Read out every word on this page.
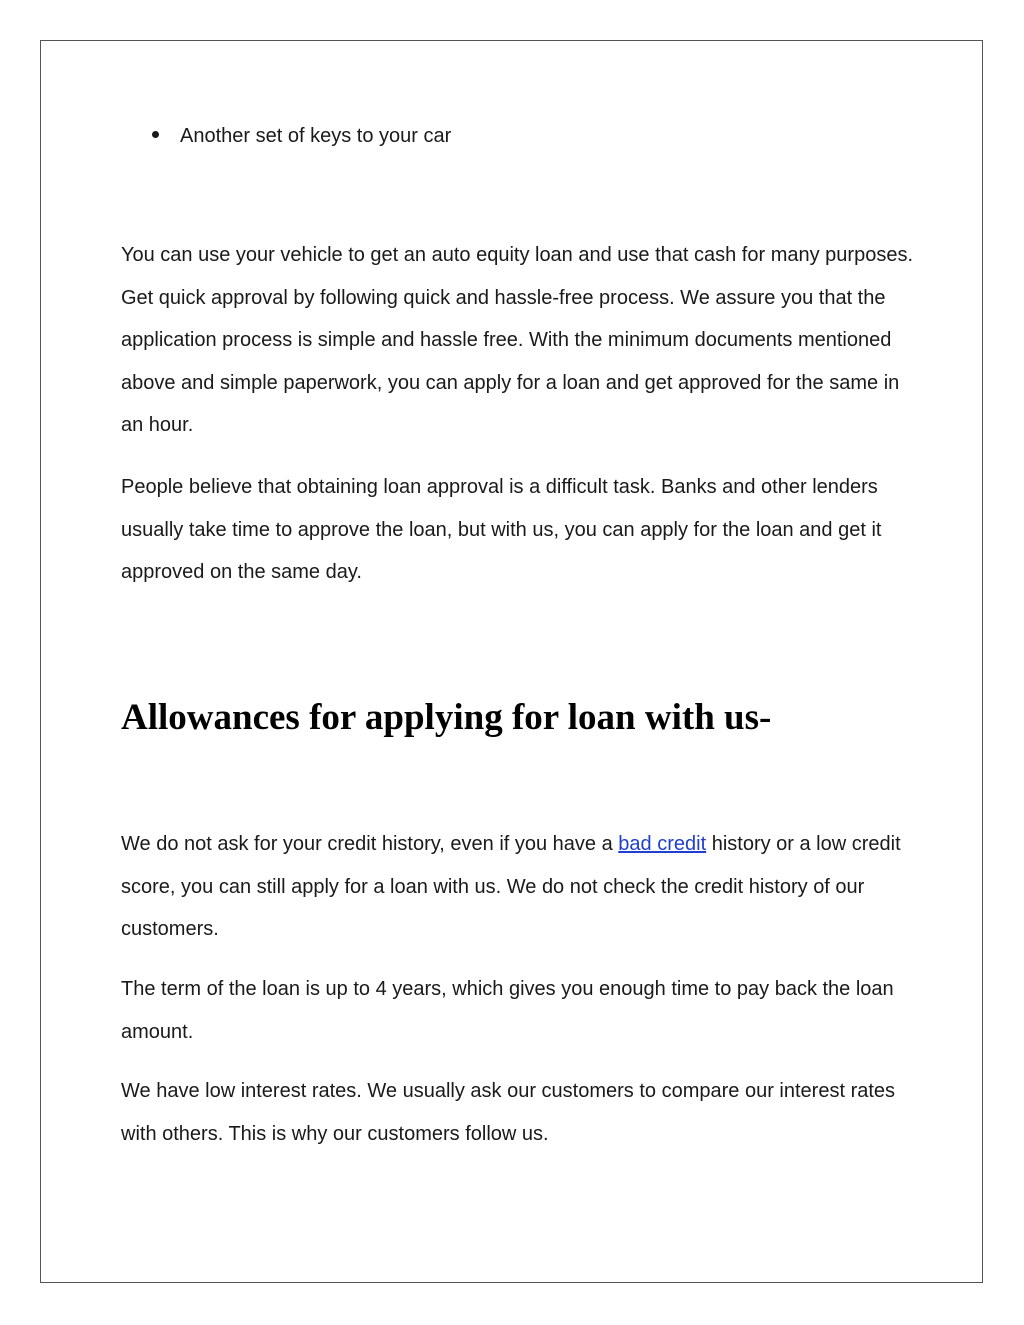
Another set of keys to your car

You can use your vehicle to get an auto equity loan and use that cash for many purposes. Get quick approval by following quick and hassle-free process. We assure you that the application process is simple and hassle free. With the minimum documents mentioned above and simple paperwork, you can apply for a loan and get approved for the same in an hour.

People believe that obtaining loan approval is a difficult task. Banks and other lenders usually take time to approve the loan, but with us, you can apply for the loan and get it approved on the same day.

Allowances for applying for loan with us-

We do not ask for your credit history, even if you have a bad credit history or a low credit score, you can still apply for a loan with us. We do not check the credit history of our customers.

The term of the loan is up to 4 years, which gives you enough time to pay back the loan amount.

We have low interest rates. We usually ask our customers to compare our interest rates with others. This is why our customers follow us.
